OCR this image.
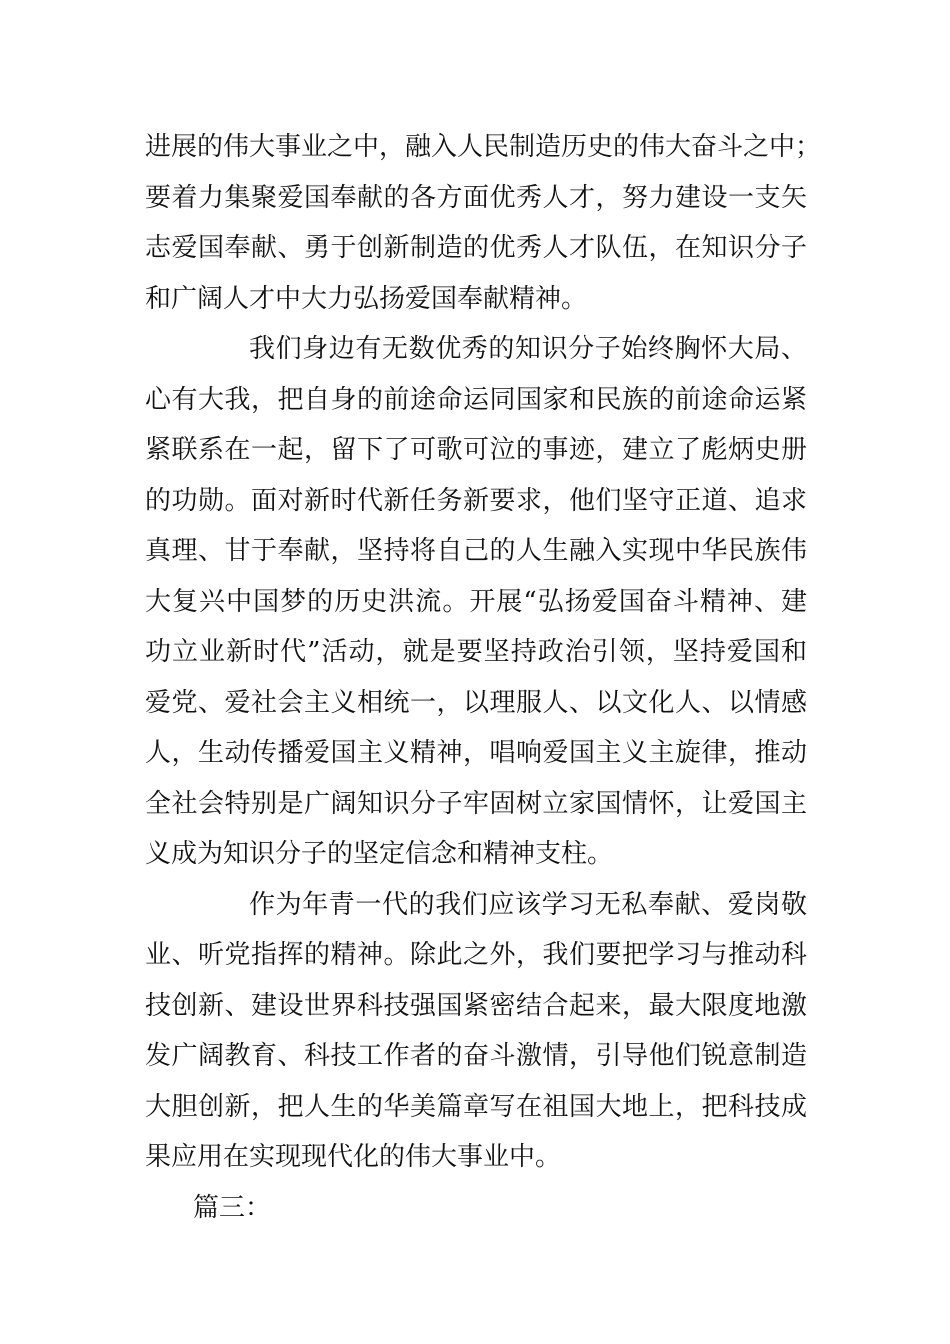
进展的伟大事业之中，融入人民制造历史的伟大奋斗之中；
要着力集聚爱国奉献的各方面优秀人才，努力建设一支矢
志爱国奉献、勇于创新制造的优秀人才队伍，在知识分子
和广阔人才中大力弘扬爱国奉献精神。
我们身边有无数优秀的知识分子始终胸怀大局、
心有大我，把自身的前途命运同国家和民族的前途命运紧
紧联系在一起，留下了可歌可泣的事迹，建立了彪炳史册
的功勋。面对新时代新任务新要求，他们坚守正道、追求
真理、甘于奉献，坚持将自己的人生融入实现中华民族伟
大复兴中国梦的历史洪流。开展“弘扬爱国奋斗精神、建
功立业新时代”活动，就是要坚持政治引领，坚持爱国和
爱党、爱社会主义相统一，以理服人、以文化人、以情感
人，生动传播爱国主义精神，唱响爱国主义主旋律，推动
全社会特别是广阔知识分子牢固树立家国情怀，让爱国主
义成为知识分子的坚定信念和精神支柱。
作为年青一代的我们应该学习无私奉献、爱岗敬
业、听党指挥的精神。除此之外，我们要把学习与推动科
技创新、建设世界科技强国紧密结合起来，最大限度地激
发广阔教育、科技工作者的奋斗激情，引导他们锐意制造
大胆创新，把人生的华美篇章写在祖国大地上，把科技成
果应用在实现现代化的伟大事业中。
篇三：
